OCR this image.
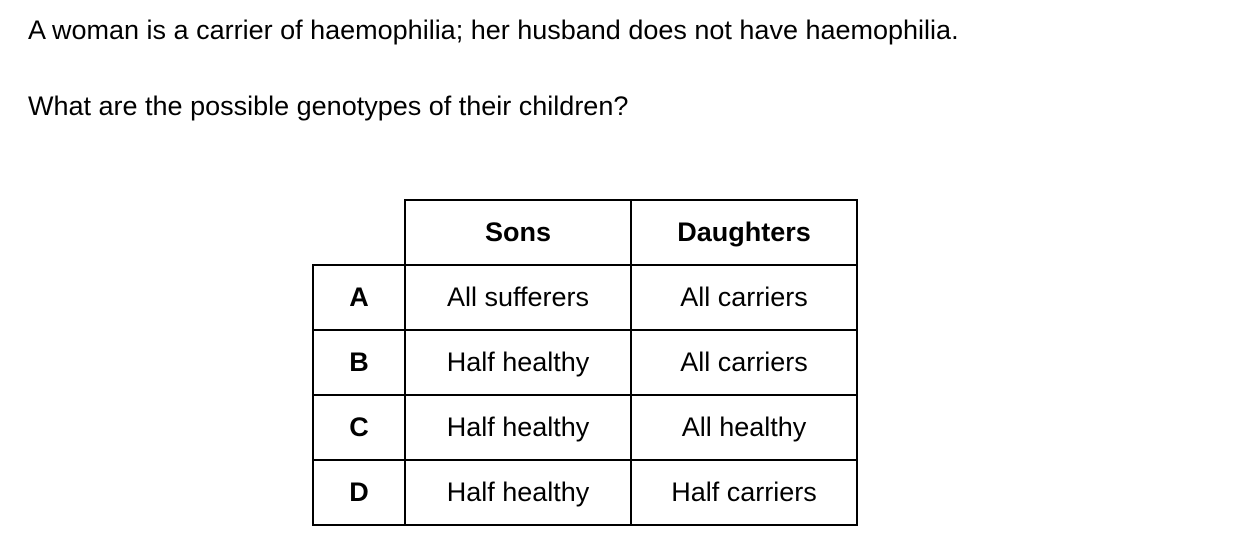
A woman is a carrier of haemophilia; her husband does not have haemophilia.

What are the possible genotypes of their children?

	Sons	Daughters
A	All sufferers	All carriers
B	Half healthy	All carriers
C	Half healthy	All healthy
D	Half healthy	Half carriers
